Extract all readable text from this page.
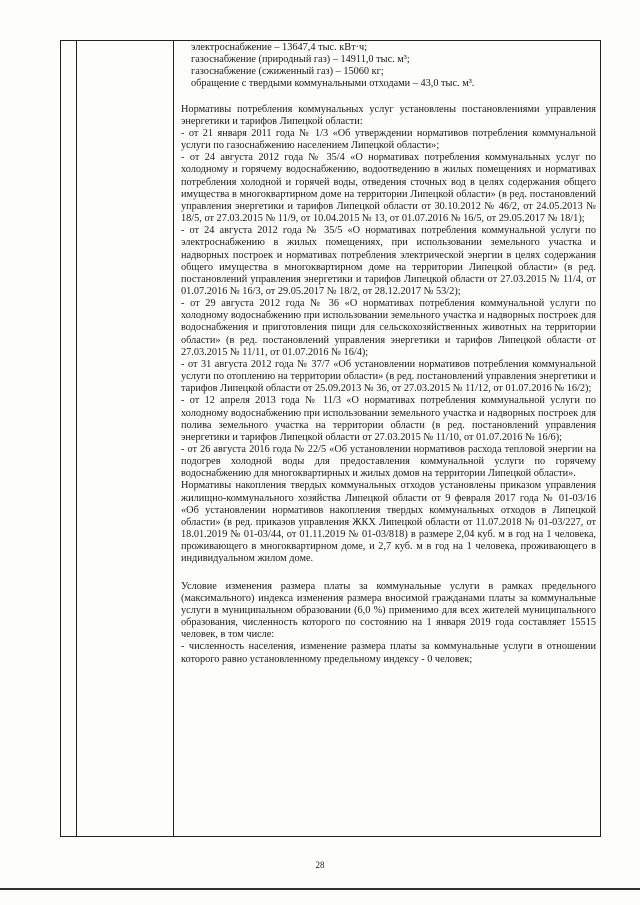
электроснабжение – 13647,4 тыс. кВт·ч;

газоснабжение (природный газ) – 14911,0 тыс. м³;

газоснабжение (сжиженный газ) – 15060 кг;

обращение с твердыми коммунальными отходами – 43,0 тыс. м³.

Нормативы потребления коммунальных услуг установлены постановлениями управления энергетики и тарифов Липецкой области:

- от 21 января 2011 года № 1/3 «Об утверждении нормативов потребления коммунальной услуги по газоснабжению населением Липецкой области»;

- от 24 августа 2012 года № 35/4 «О нормативах потребления коммунальных услуг по холодному и горячему водоснабжению, водоотведению в жилых помещениях и нормативах потребления холодной и горячей воды, отведения сточных вод в целях содержания общего имущества в многоквартирном доме на территории Липецкой области» (в ред. постановлений управления энергетики и тарифов Липецкой области от 30.10.2012 № 46/2, от 24.05.2013 № 18/5, от 27.03.2015 № 11/9, от 10.04.2015 № 13, от 01.07.2016 № 16/5, от 29.05.2017 № 18/1);

- от 24 августа 2012 года № 35/5 «О нормативах потребления коммунальной услуги по электроснабжению в жилых помещениях, при использовании земельного участка и надворных построек и нормативах потребления электрической энергии в целях содержания общего имущества в многоквартирном доме на территории Липецкой области» (в ред. постановлений управления энергетики и тарифов Липецкой области от 27.03.2015 № 11/4, от 01.07.2016 № 16/3, от 29.05.2017 № 18/2, от 28.12.2017 № 53/2);

- от 29 августа 2012 года № 36 «О нормативах потребления коммунальной услуги по холодному водоснабжению при использовании земельного участка и надворных построек для водоснабжения и приготовления пищи для сельскохозяйственных животных на территории области» (в ред. постановлений управления энергетики и тарифов Липецкой области от 27.03.2015 № 11/11, от 01.07.2016 № 16/4);

- от 31 августа 2012 года № 37/7 «Об установлении нормативов потребления коммунальной услуги по отоплению на территории области» (в ред. постановлений управления энергетики и тарифов Липецкой области от 25.09.2013 № 36, от 27.03.2015 № 11/12, от 01.07.2016 № 16/2);

- от 12 апреля 2013 года № 11/3 «О нормативах потребления коммунальной услуги по холодному водоснабжению при использовании земельного участка и надворных построек для полива земельного участка на территории области (в ред. постановлений управления энергетики и тарифов Липецкой области от 27.03.2015 № 11/10, от 01.07.2016 № 16/6);

- от 26 августа 2016 года № 22/5 «Об установлении нормативов расхода тепловой энергии на подогрев холодной воды для предоставления коммунальной услуги по горячему водоснабжению для многоквартирных и жилых домов на территории Липецкой области».

Нормативы накопления твердых коммунальных отходов установлены приказом управления жилищно-коммунального хозяйства Липецкой области от 9 февраля 2017 года № 01-03/16 «Об установлении нормативов накопления твердых коммунальных отходов в Липецкой области» (в ред. приказов управления ЖКХ Липецкой области от 11.07.2018 № 01-03/227, от 18.01.2019 № 01-03/44, от 01.11.2019 № 01-03/818) в размере 2,04 куб. м в год на 1 человека, проживающего в многоквартирном доме, и 2,7 куб. м в год на 1 человека, проживающего в индивидуальном жилом доме.

Условие изменения размера платы за коммунальные услуги в рамках предельного (максимального) индекса изменения размера вносимой гражданами платы за коммунальные услуги в муниципальном образовании (6,0 %) применимо для всех жителей муниципального образования, численность которого по состоянию на 1 января 2019 года составляет 15515 человек, в том числе:

- численность населения, изменение размера платы за коммунальные услуги в отношении которого равно установленному предельному индексу - 0 человек;

28
